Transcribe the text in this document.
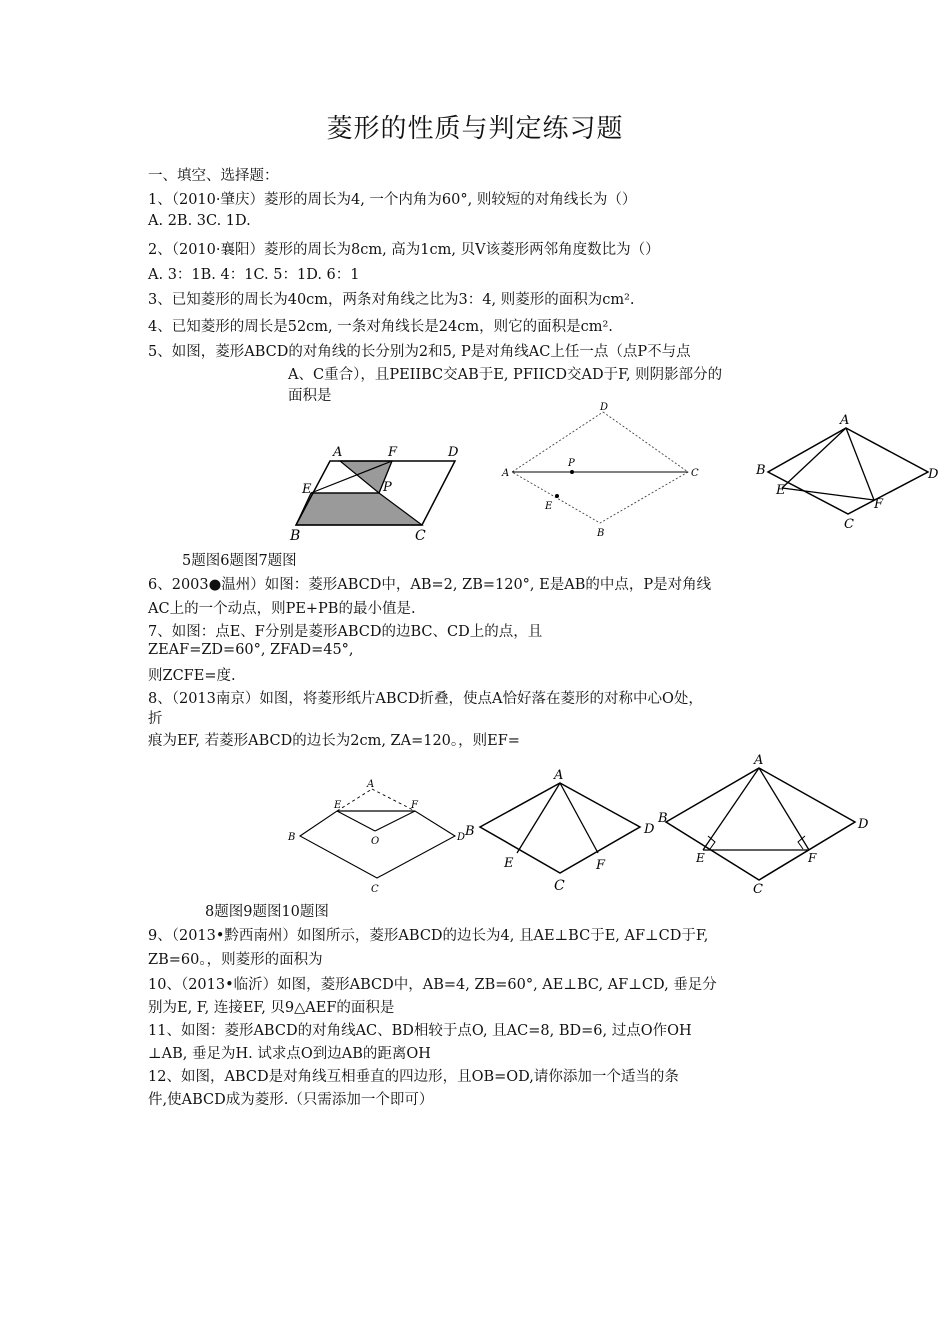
菱形的性质与判定练习题
一、填空、选择题：
1、（2010·肇庆）菱形的周长为4, 一个内角为60°, 则较短的对角线长为（）
A. 2B. 3C. 1D.
2、（2010·襄阳）菱形的周长为8cm, 高为1cm, 贝V该菱形两邻角度数比为（）
A. 3：1B. 4：1C. 5：1D. 6：1
3、已知菱形的周长为40cm，两条对角线之比为3：4, 则菱形的面积为cm².
4、已知菱形的周长是52cm, 一条对角线长是24cm，则它的面积是cm².
5、如图，菱形ABCD的对角线的长分别为2和5, P是对角线AC上任一点（点P不与点
A、C重合），且PEIIBC交AB于E, PFIICD交AD于F, 则阴影部分的
面积是
A	F	D
E	P
B	C
D
A
P
C
E
B
A
B	D
E
F
C
5题图6题图7题图
6、2003●温州）如图：菱形ABCD中，AB=2, ZB=120°, E是AB的中点，P是对角线
AC上的一个动点，则PE+PB的最小值是.
7、如图：点E、F分别是菱形ABCD的边BC、CD上的点，且
ZEAF=ZD=60°, ZFAD=45°,
则ZCFE=度.
8、（2013南京）如图，将菱形纸片ABCD折叠，使点A恰好落在菱形的对称中心O处，
折
痕为EF, 若菱形ABCD的边长为2cm, ZA=120。，则EF=
A
E	F
B	O	D
C
A
B	D
E	F
C
A
B	D
E	F
C
8题图9题图10题图
9、（2013•黔西南州）如图所示，菱形ABCD的边长为4, 且AE⊥BC于E, AF⊥CD于F,
ZB=60。，则菱形的面积为
10、（2013•临沂）如图，菱形ABCD中，AB=4, ZB=60°, AE⊥BC, AF⊥CD, 垂足分
别为E, F, 连接EF, 贝9△AEF的面积是
11、如图：菱形ABCD的对角线AC、BD相较于点O, 且AC=8, BD=6, 过点O作OH
⊥AB, 垂足为H. 试求点O到边AB的距离OH
12、如图，ABCD是对角线互相垂直的四边形，且OB=OD,请你添加一个适当的条
件,使ABCD成为菱形.（只需添加一个即可）
